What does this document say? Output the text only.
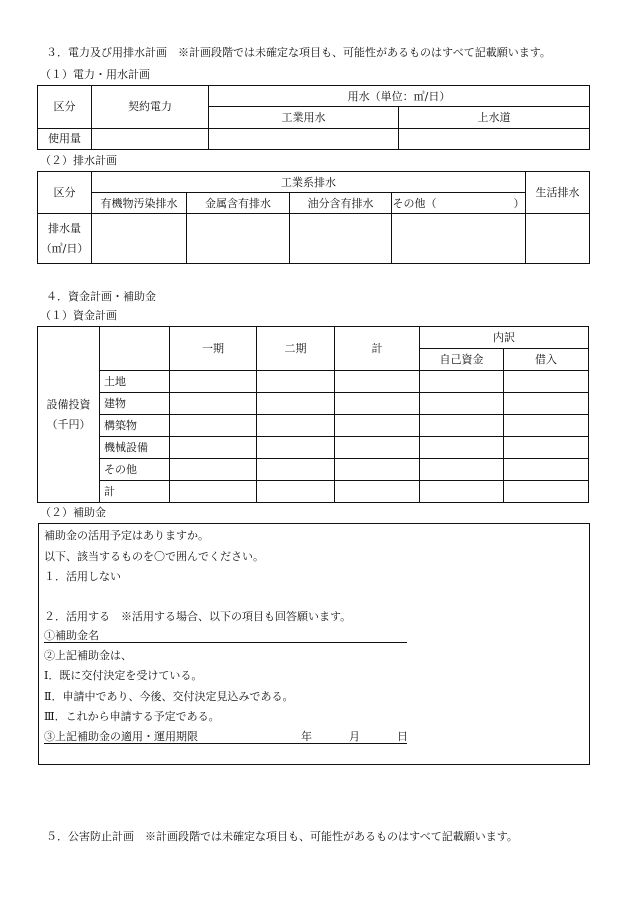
３．電力及び用排水計画　※計画段階では未確定な項目も、可能性があるものはすべて記載願います。
（１）電力・用水計画
区分	契約電力	用水（単位：㎥/日）	
		工業用水	上水道
使用量			
（２）排水計画
区分	工業系排水				生活排水
	有機物汚染排水	金属含有排水	油分含有排水	その他（　　　　　　　）	

排水量
（㎥/日）					

４．資金計画・補助金
（１）資金計画
設備投資
（千円）		一期	二期	計	内訳	
					自己資金	借入
	土地					
	建物					
	構築物					
	機械設備					
	その他					
	計					
（２）補助金
補助金の活用予定はありますか。
以下、該当するものを〇で囲んでください。
１．活用しない
２．活用する　※活用する場合、以下の項目も回答願います。
①補助金名
②上記補助金は、
Ⅰ．既に交付決定を受けている。
Ⅱ．申請中であり、今後、交付決定見込みである。
Ⅲ．これから申請する予定である。
③上記補助金の適用・運用期限	年	月	日
５．公害防止計画　※計画段階では未確定な項目も、可能性があるものはすべて記載願います。
